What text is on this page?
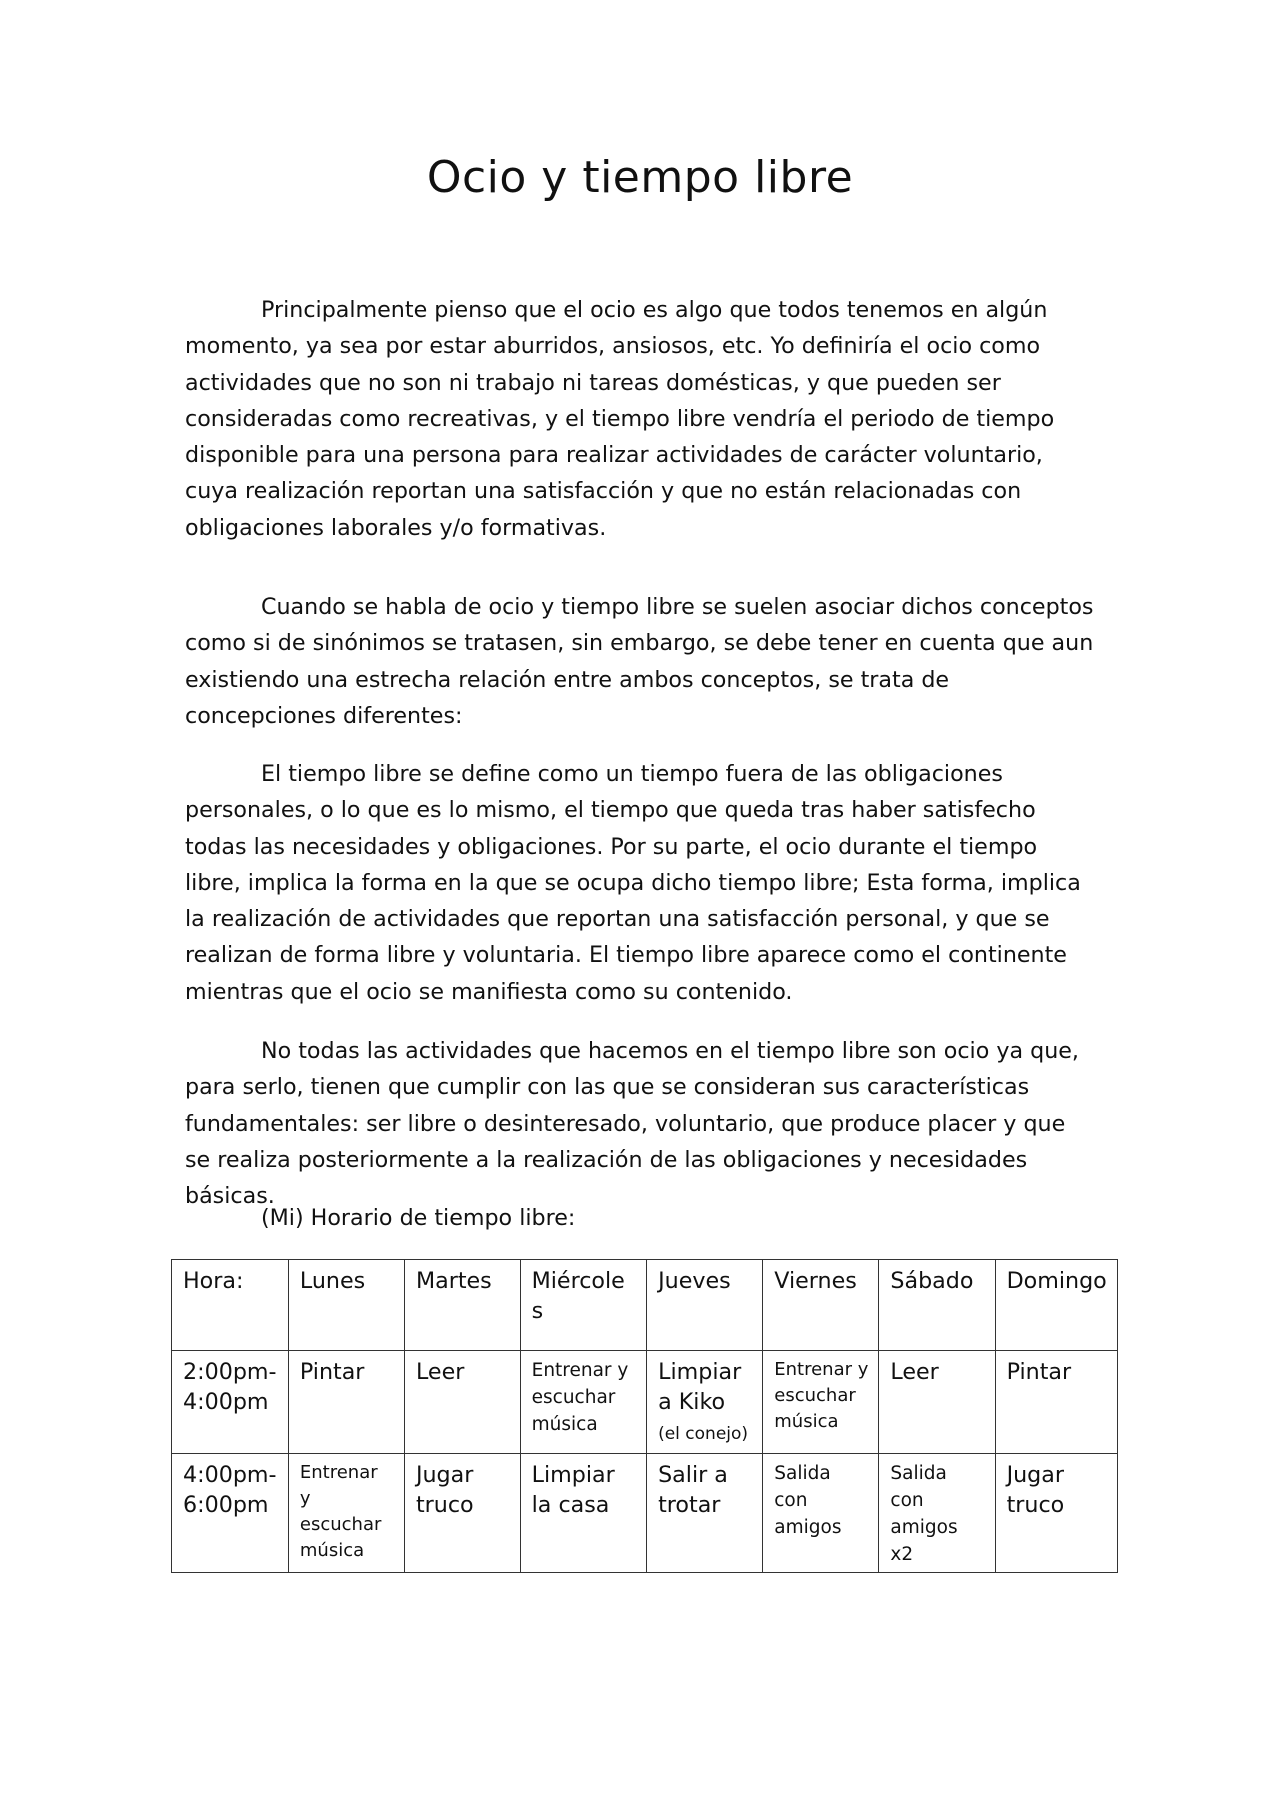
Ocio y tiempo libre

Principalmente pienso que el ocio es algo que todos tenemos en algún momento, ya sea por estar aburridos, ansiosos, etc. Yo definiría el ocio como actividades que no son ni trabajo ni tareas domésticas, y que pueden ser consideradas como recreativas, y el tiempo libre vendría el periodo de tiempo disponible para una persona para realizar actividades de carácter voluntario, cuya realización reportan una satisfacción y que no están relacionadas con obligaciones laborales y/o formativas.

Cuando se habla de ocio y tiempo libre se suelen asociar dichos conceptos como si de sinónimos se tratasen, sin embargo, se debe tener en cuenta que aun existiendo una estrecha relación entre ambos conceptos, se trata de concepciones diferentes:

El tiempo libre se define como un tiempo fuera de las obligaciones personales, o lo que es lo mismo, el tiempo que queda tras haber satisfecho todas las necesidades y obligaciones. Por su parte, el ocio durante el tiempo libre, implica la forma en la que se ocupa dicho tiempo libre; Esta forma, implica la realización de actividades que reportan una satisfacción personal, y que se realizan de forma libre y voluntaria. El tiempo libre aparece como el continente mientras que el ocio se manifiesta como su contenido.

No todas las actividades que hacemos en el tiempo libre son ocio ya que, para serlo, tienen que cumplir con las que se consideran sus características fundamentales: ser libre o desinteresado, voluntario, que produce placer y que se realiza posteriormente a la realización de las obligaciones y necesidades básicas.

(Mi) Horario de tiempo libre:

Hora:	Lunes	Martes	Miércoles	Jueves	Viernes	Sábado	Domingo
2:00pm-4:00pm	Pintar	Leer	Entrenar y escuchar música	Limpiar a Kiko (el conejo)	Entrenar y escuchar música	Leer	Pintar
4:00pm-6:00pm	Entrenar y escuchar música	Jugar truco	Limpiar la casa	Salir a trotar	Salida con amigos	Salida con amigos x2	Jugar truco
